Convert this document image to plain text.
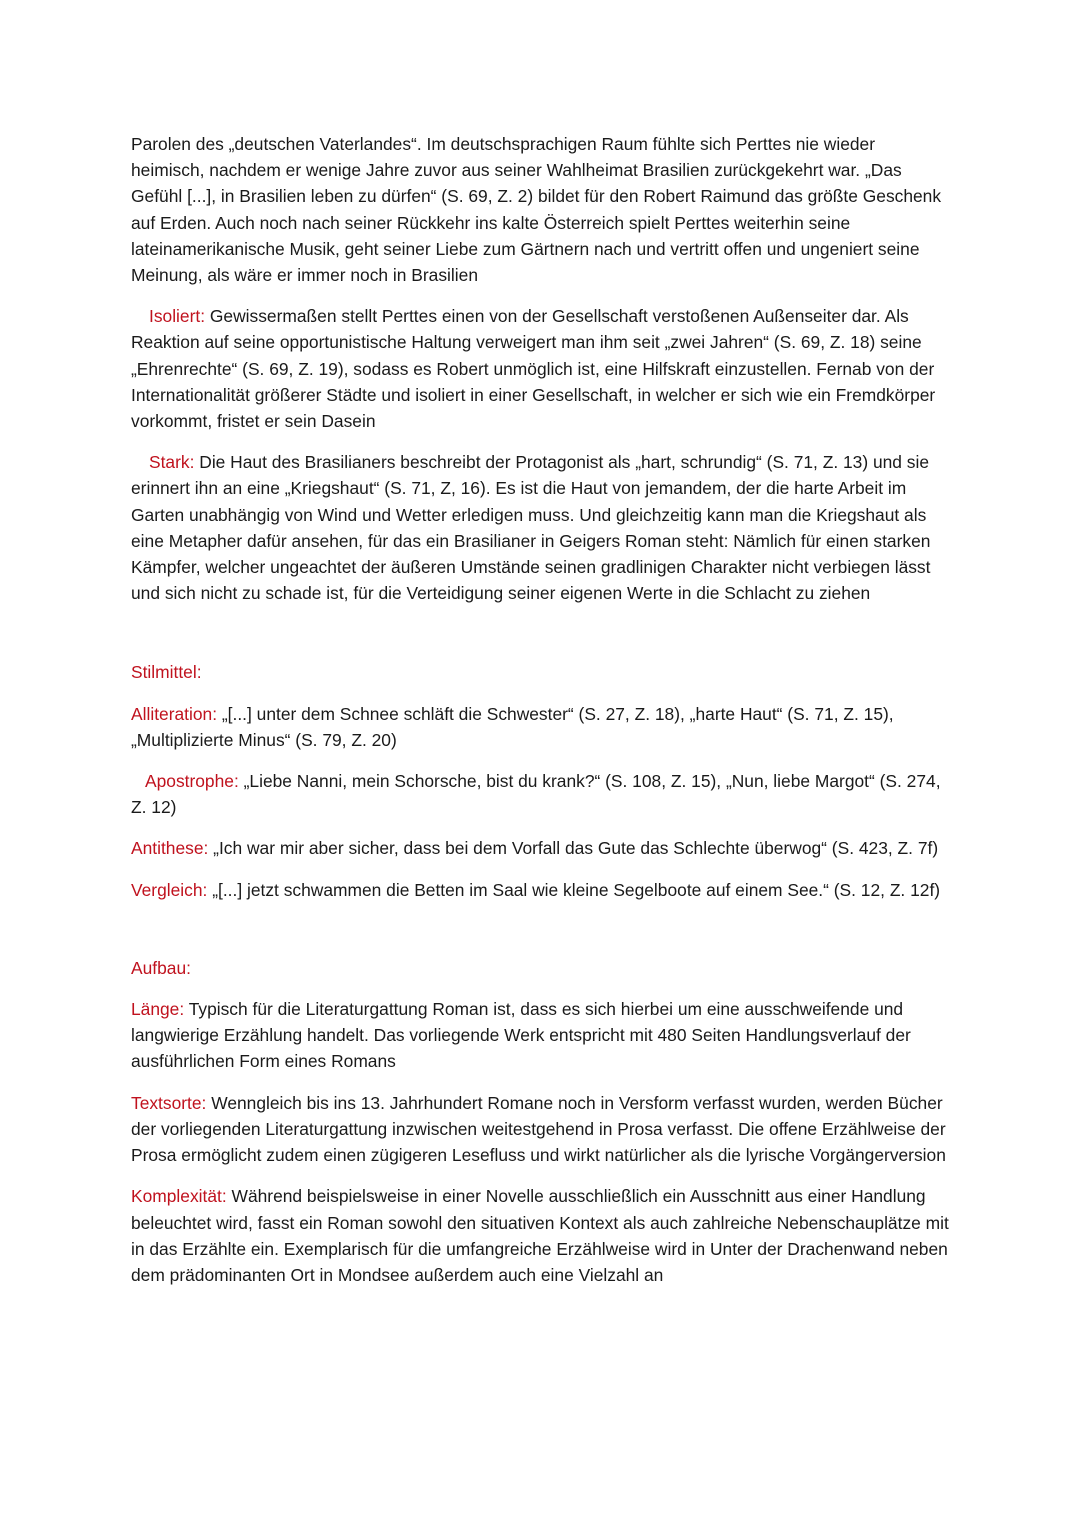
Parolen des „deutschen Vaterlandes“. Im deutschsprachigen Raum fühlte sich Perttes nie wieder heimisch, nachdem er wenige Jahre zuvor aus seiner Wahlheimat Brasilien zurückgekehrt war. „Das Gefühl [...], in Brasilien leben zu dürfen“ (S. 69, Z. 2) bildet für den Robert Raimund das größte Geschenk auf Erden. Auch noch nach seiner Rückkehr ins kalte Österreich spielt Perttes weiterhin seine lateinamerikanische Musik, geht seiner Liebe zum Gärtnern nach und vertritt offen und ungeniert seine Meinung, als wäre er immer noch in Brasilien

Isoliert: Gewissermaßen stellt Perttes einen von der Gesellschaft verstoßenen Außenseiter dar. Als Reaktion auf seine opportunistische Haltung verweigert man ihm seit „zwei Jahren“ (S. 69, Z. 18) seine „Ehrenrechte“ (S. 69, Z. 19), sodass es Robert unmöglich ist, eine Hilfskraft einzustellen. Fernab von der Internationalität größerer Städte und isoliert in einer Gesellschaft, in welcher er sich wie ein Fremdkörper vorkommt, fristet er sein Dasein

Stark: Die Haut des Brasilianers beschreibt der Protagonist als „hart, schrundig“ (S. 71, Z. 13) und sie erinnert ihn an eine „Kriegshaut“ (S. 71, Z, 16). Es ist die Haut von jemandem, der die harte Arbeit im Garten unabhängig von Wind und Wetter erledigen muss. Und gleichzeitig kann man die Kriegshaut als eine Metapher dafür ansehen, für das ein Brasilianer in Geigers Roman steht: Nämlich für einen starken Kämpfer, welcher ungeachtet der äußeren Umstände seinen gradlinigen Charakter nicht verbiegen lässt und sich nicht zu schade ist, für die Verteidigung seiner eigenen Werte in die Schlacht zu ziehen

Stilmittel:

Alliteration: „[...] unter dem Schnee schläft die Schwester“ (S. 27, Z. 18), „harte Haut“ (S. 71, Z. 15), „Multiplizierte Minus“ (S. 79, Z. 20)

Apostrophe: „Liebe Nanni, mein Schorsche, bist du krank?“ (S. 108, Z. 15), „Nun, liebe Margot“ (S. 274, Z. 12)

Antithese: „Ich war mir aber sicher, dass bei dem Vorfall das Gute das Schlechte überwog“ (S. 423, Z. 7f)

Vergleich: „[...] jetzt schwammen die Betten im Saal wie kleine Segelboote auf einem See.“ (S. 12, Z. 12f)

Aufbau:

Länge: Typisch für die Literaturgattung Roman ist, dass es sich hierbei um eine ausschweifende und langwierige Erzählung handelt. Das vorliegende Werk entspricht mit 480 Seiten Handlungsverlauf der ausführlichen Form eines Romans

Textsorte: Wenngleich bis ins 13. Jahrhundert Romane noch in Versform verfasst wurden, werden Bücher der vorliegenden Literaturgattung inzwischen weitestgehend in Prosa verfasst. Die offene Erzählweise der Prosa ermöglicht zudem einen zügigeren Lesefluss und wirkt natürlicher als die lyrische Vorgängerversion

Komplexität: Während beispielsweise in einer Novelle ausschließlich ein Ausschnitt aus einer Handlung beleuchtet wird, fasst ein Roman sowohl den situativen Kontext als auch zahlreiche Nebenschauplätze mit in das Erzählte ein. Exemplarisch für die umfangreiche Erzählweise wird in Unter der Drachenwand neben dem prädominanten Ort in Mondsee außerdem auch eine Vielzahl an
